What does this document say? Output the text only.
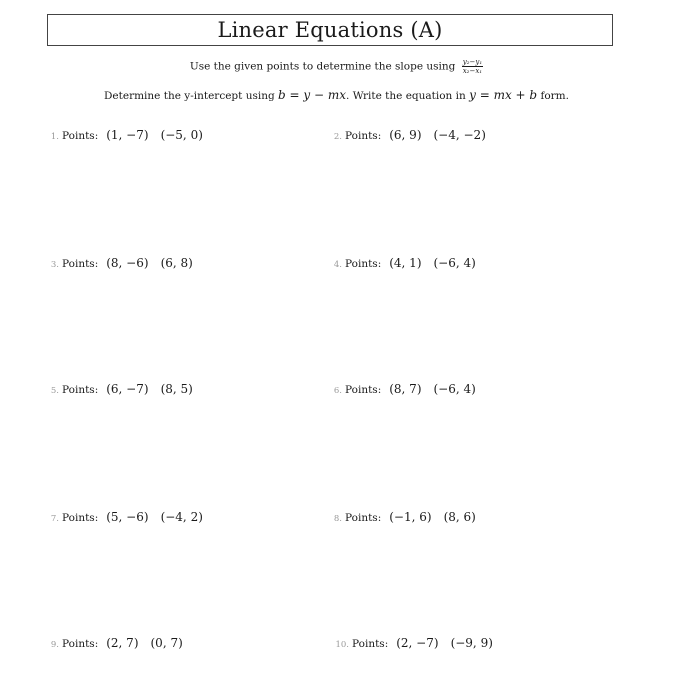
Linear Equations (A)
Use the given points to determine the slope using $\frac{\text{y₂−y₁}}{\text{x₂−x₁}}$
Determine the y-intercept using b = y − mx. Write the equation in y = mx + b form.
1. Points: (1, −7) (−5, 0)	2. Points: (6, 9) (−4, −2)
3. Points: (8, −6) (6, 8)	4. Points: (4, 1) (−6, 4)
5. Points: (6, −7) (8, 5)	6. Points: (8, 7) (−6, 4)
7. Points: (5, −6) (−4, 2)	8. Points: (−1, 6) (8, 6)
9. Points: (2, 7) (0, 7)	10. Points: (2, −7) (−9, 9)
